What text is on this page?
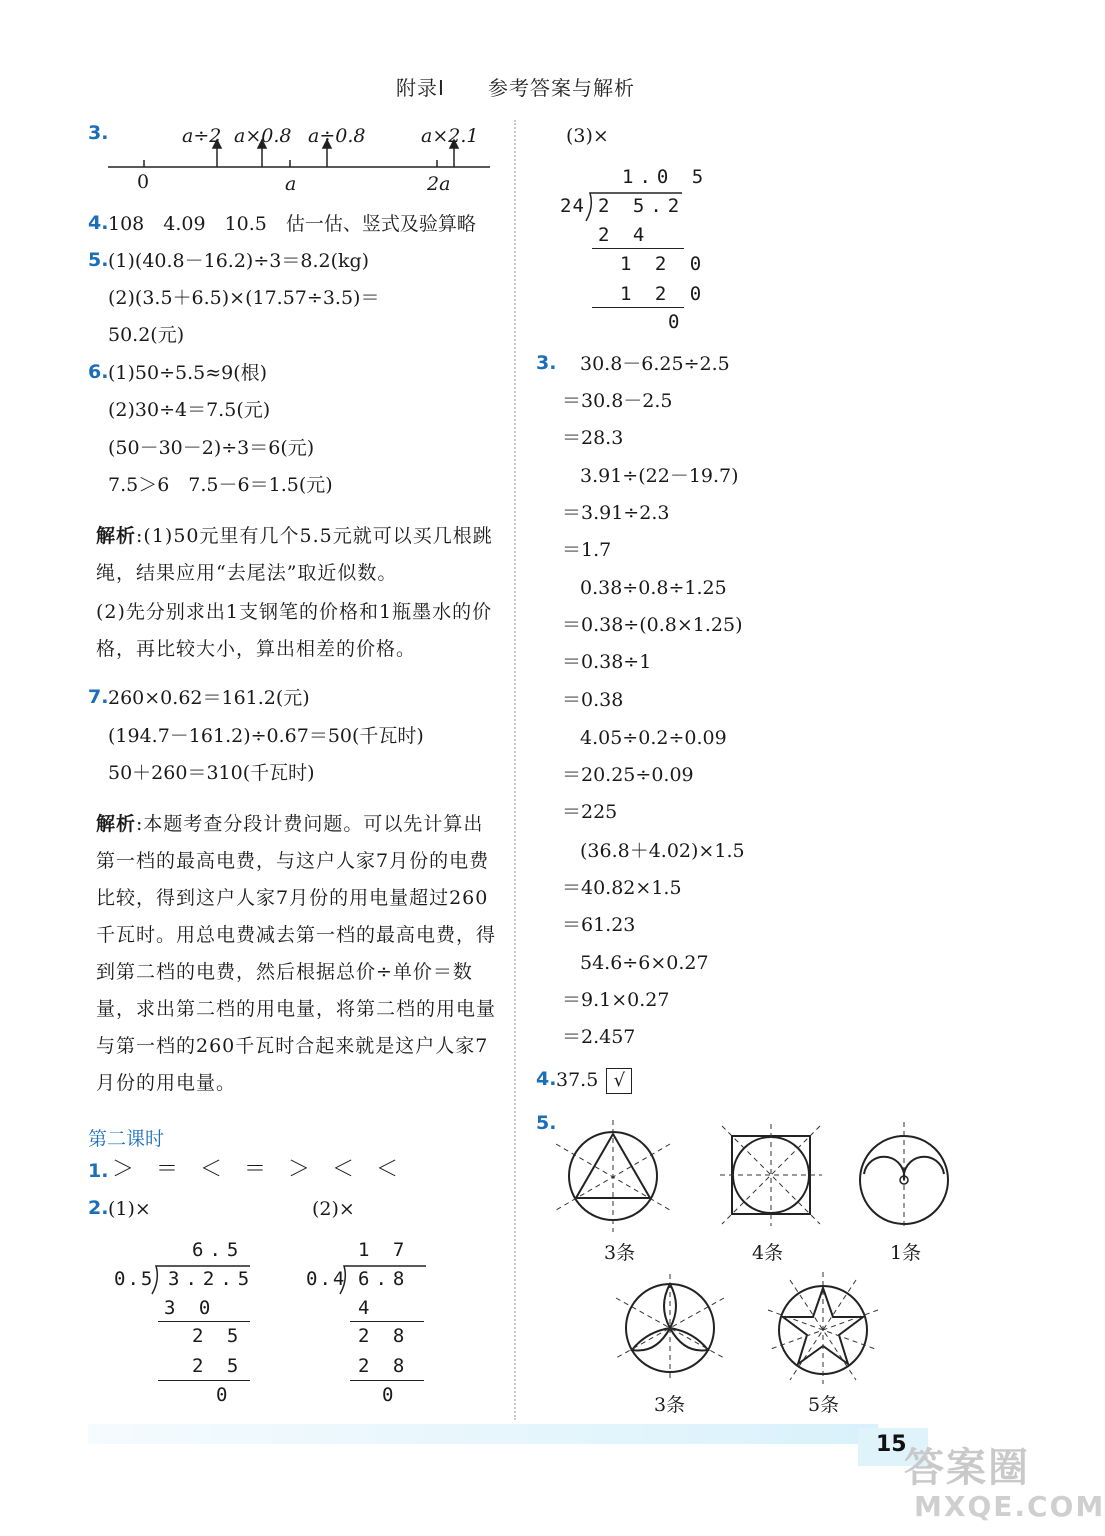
附录Ⅰ 参考答案与解析
3.	a÷2 a×0.8 a÷0.8	a×2.1
0	a	2a
4. 108　4.09　10.5　估一估、竖式及验算略
5. (1)(40.8－16.2)÷3＝8.2(kg)
(2)(3.5＋6.5)×(17.57÷3.5)＝
50.2(元)
6. (1)50÷5.5≈9(根)
(2)30÷4＝7.5(元)
(50－30－2)÷3＝6(元)
7.5＞6　7.5－6＝1.5(元)
解析:(1)50元里有几个5.5元就可以买几根跳绳，结果应用“去尾法”取近似数。
(2)先分别求出1支钢笔的价格和1瓶墨水的价格，再比较大小，算出相差的价格。
7. 260×0.62＝161.2(元)
(194.7－161.2)÷0.67＝50(千瓦时)
50＋260＝310(千瓦时)
解析:本题考查分段计费问题。可以先计算出第一档的最高电费，与这户人家7月份的电费比较，得到这户人家7月份的用电量超过260千瓦时。用总电费减去第一档的最高电费，得到第二档的电费，然后根据总价÷单价＝数量，求出第二档的用电量，将第二档的用电量与第一档的260千瓦时合起来就是这户人家7月份的用电量。
第二课时
1. ＞　＝　＜　＝　＞　＜　＜
2. (1)×	(2)×
6.5
0.5 3.2.5
3 0
2 5
2 5
0
1 7
0.4 6.8
4
2 8
2 8
0
(3)×
1.0 5
24 2 5.2
2 4
1 2 0
1 2 0
0
3. 30.8－6.25÷2.5
＝30.8－2.5
＝28.3
3.91÷(22－19.7)
＝3.91÷2.3
＝1.7
0.38÷0.8÷1.25
＝0.38÷(0.8×1.25)
＝0.38÷1
＝0.38
4.05÷0.2÷0.09
＝20.25÷0.09
＝225
(36.8＋4.02)×1.5
＝40.82×1.5
＝61.23
54.6÷6×0.27
＝9.1×0.27
＝2.457
4. 37.5 √
5.
3条	4条	1条
3条	5条
15
答案圈
MXQE.COM
